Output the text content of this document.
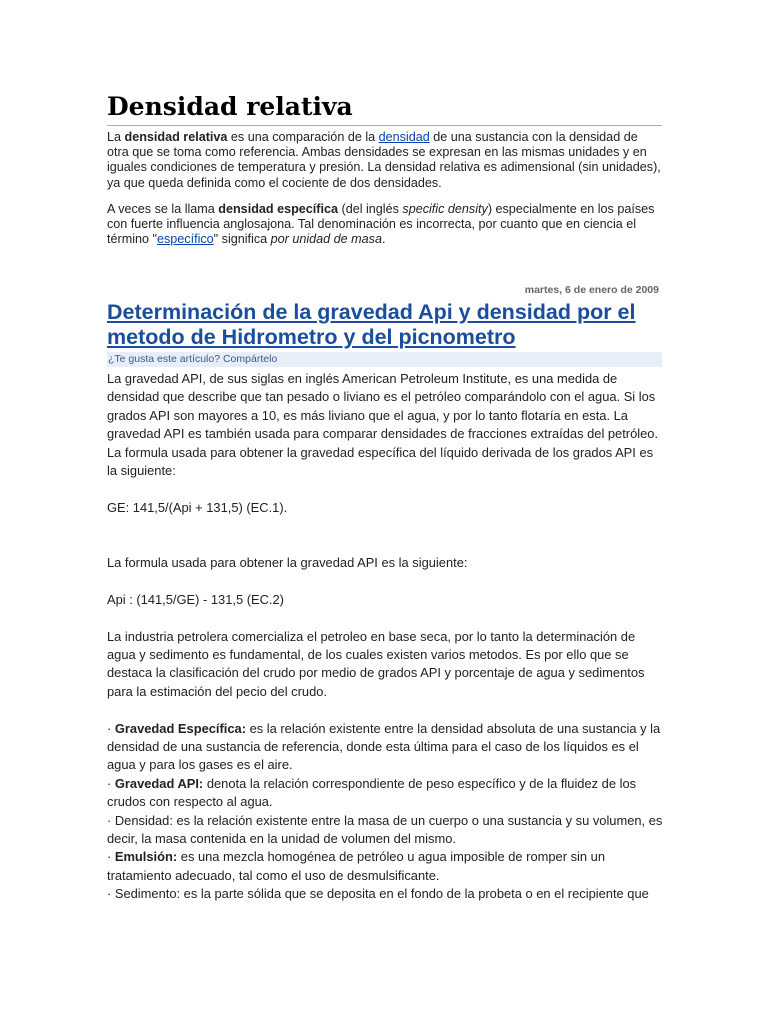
Densidad relativa

La densidad relativa es una comparación de la densidad de una sustancia con la densidad de otra que se toma como referencia. Ambas densidades se expresan en las mismas unidades y en iguales condiciones de temperatura y presión. La densidad relativa es adimensional (sin unidades), ya que queda definida como el cociente de dos densidades.

A veces se la llama densidad específica (del inglés specific density) especialmente en los países con fuerte influencia anglosajona. Tal denominación es incorrecta, por cuanto que en ciencia el término "específico" significa por unidad de masa.

martes, 6 de enero de 2009
Determinación de la gravedad Api y densidad por el metodo de Hidrometro y del picnometro
¿Te gusta este artículo? Compártelo

La gravedad API, de sus siglas en inglés American Petroleum Institute, es una medida de densidad que describe que tan pesado o liviano es el petróleo comparándolo con el agua. Si los grados API son mayores a 10, es más liviano que el agua, y por lo tanto flotaría en esta. La gravedad API es también usada para comparar densidades de fracciones extraídas del petróleo.

La formula usada para obtener la gravedad específica del líquido derivada de los grados API es la siguiente:

GE: 141,5/(Api + 131,5) (EC.1).

La formula usada para obtener la gravedad API es la siguiente:

Api : (141,5/GE) - 131,5 (EC.2)

La industria petrolera comercializa el petroleo en base seca, por lo tanto la determinación de agua y sedimento es fundamental, de los cuales existen varios metodos. Es por ello que se destaca la clasificación del crudo por medio de grados API y porcentaje de agua y sedimentos para la estimación del pecio del crudo.

· Gravedad Específica: es la relación existente entre la densidad absoluta de una sustancia y la densidad de una sustancia de referencia, donde esta última para el caso de los líquidos es el agua y para los gases es el aire.

· Gravedad API: denota la relación correspondiente de peso específico y de la fluidez de los crudos con respecto al agua.

· Densidad: es la relación existente entre la masa de un cuerpo o una sustancia y su volumen, es decir, la masa contenida en la unidad de volumen del mismo.

· Emulsión: es una mezcla homogénea de petróleo u agua imposible de romper sin un tratamiento adecuado, tal como el uso de desmulsificante.

· Sedimento: es la parte sólida que se deposita en el fondo de la probeta o en el recipiente que
